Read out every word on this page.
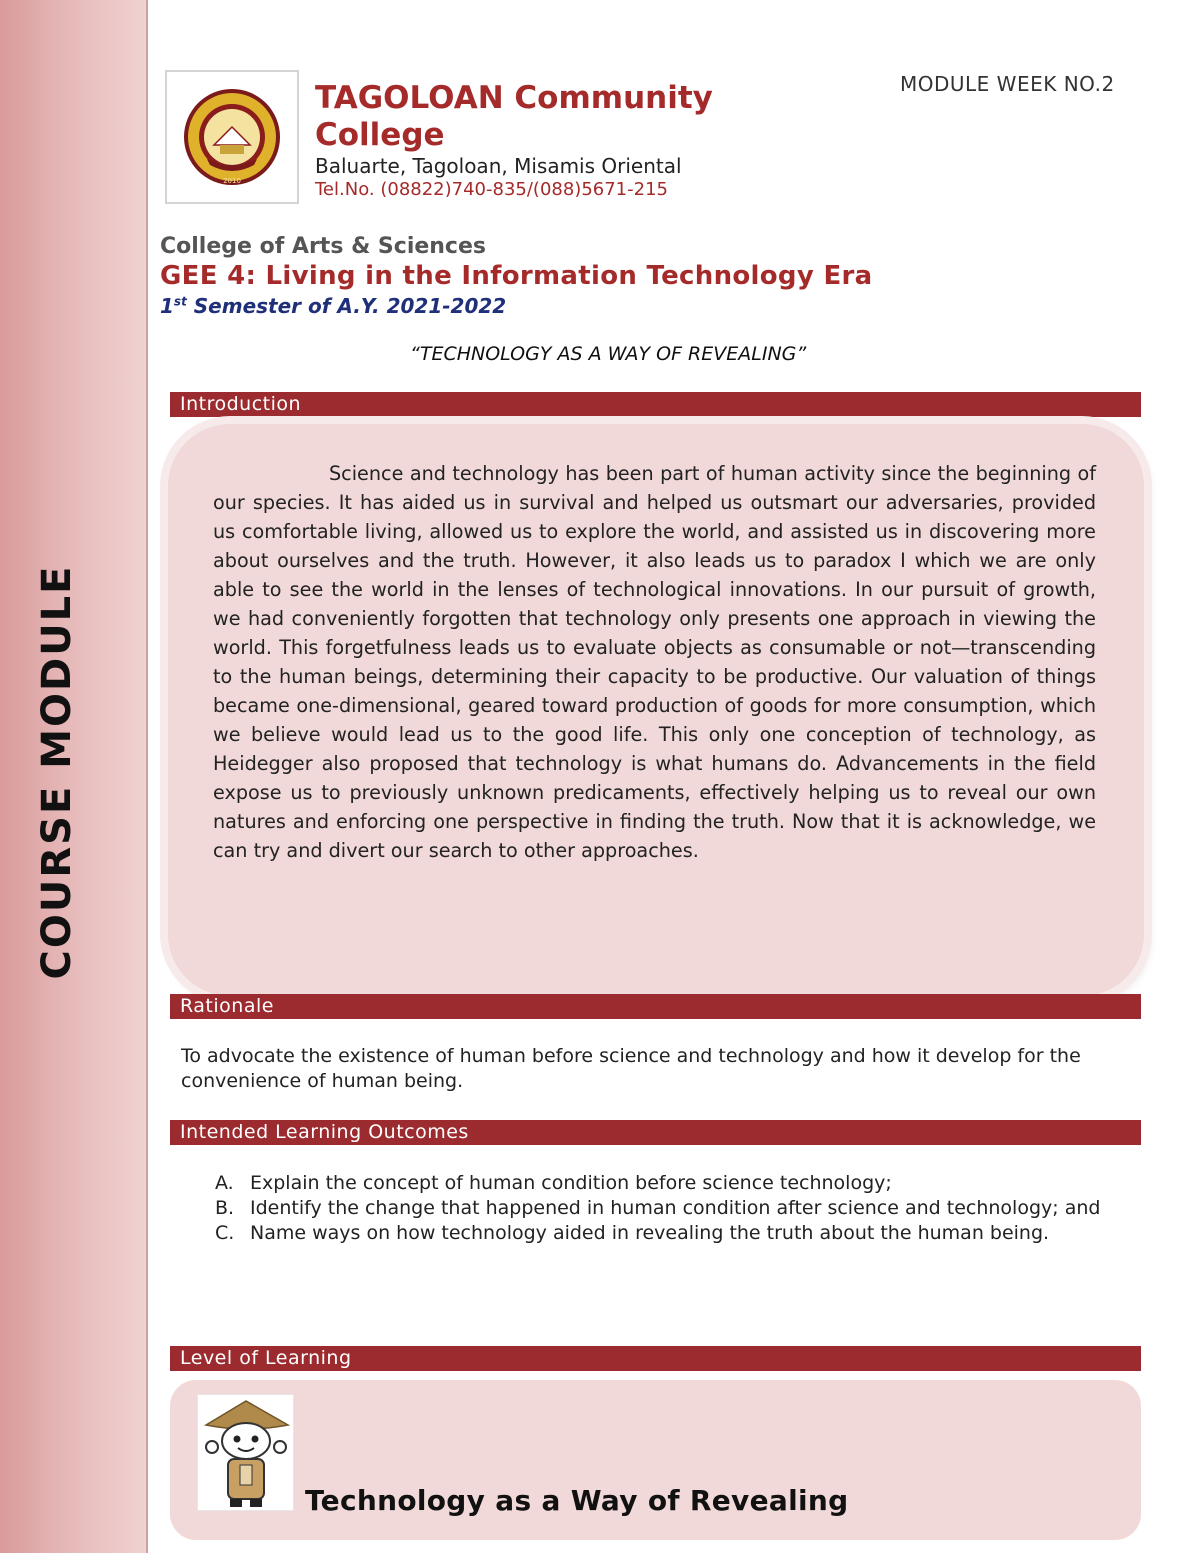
COURSE MODULE
2010
TAGOLOAN Community College
Baluarte, Tagoloan, Misamis Oriental
Tel.No. (08822)740-835/(088)5671-215
MODULE WEEK NO.2
College of Arts & Sciences
GEE 4: Living in the Information Technology Era
1st Semester of A.Y. 2021-2022
“TECHNOLOGY AS A WAY OF REVEALING”
Introduction
Science and technology has been part of human activity since the beginning of our species. It has aided us in survival and helped us outsmart our adversaries, provided us comfortable living, allowed us to explore the world, and assisted us in discovering more about ourselves and the truth. However, it also leads us to paradox I which we are only able to see the world in the lenses of technological innovations. In our pursuit of growth, we had conveniently forgotten that technology only presents one approach in viewing the world. This forgetfulness leads us to evaluate objects as consumable or not—transcending to the human beings, determining their capacity to be productive. Our valuation of things became one-dimensional, geared toward production of goods for more consumption, which we believe would lead us to the good life. This only one conception of technology, as Heidegger also proposed that technology is what humans do. Advancements in the field expose us to previously unknown predicaments, effectively helping us to reveal our own natures and enforcing one perspective in finding the truth. Now that it is acknowledge, we can try and divert our search to other approaches.
Rationale
To advocate the existence of human before science and technology and how it develop for the convenience of human being.
Intended Learning Outcomes
A. Explain the concept of human condition before science technology;
B. Identify the change that happened in human condition after science and technology; and
C. Name ways on how technology aided in revealing the truth about the human being.
Level of Learning
Technology as a Way of Revealing
